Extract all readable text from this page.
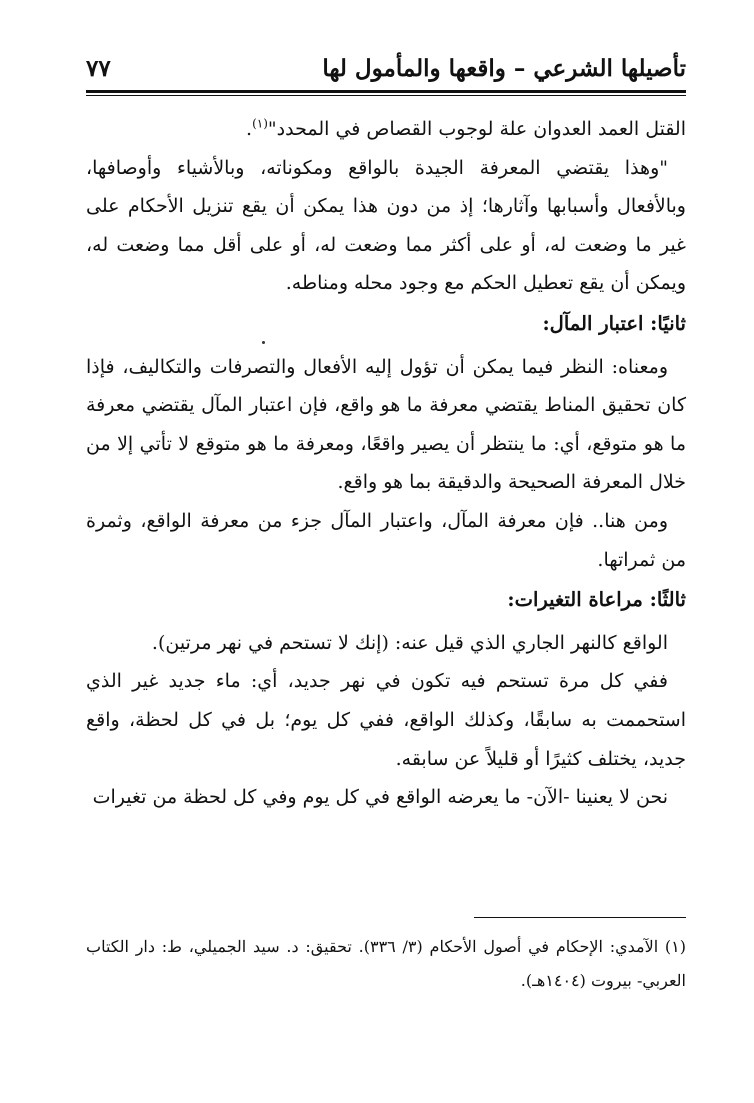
تأصيلها الشرعي – واقعها والمأمول لها
٧٧

القتل العمد العدوان علة لوجوب القصاص في المحدد"$^{(١)}$.

"وهذا يقتضي المعرفة الجيدة بالواقع ومكوناته، وبالأشياء وأوصافها، وبالأفعال وأسبابها وآثارها؛ إذ من دون هذا يمكن أن يقع تنزيل الأحكام على غير ما وضعت له، أو على أكثر مما وضعت له، أو على أقل مما وضعت له، ويمكن أن يقع تعطيل الحكم مع وجود محله ومناطه.

ثانيًا: اعتبار المآل:

ومعناه: النظر فيما يمكن أن تؤول إليه الأفعال والتصرفات والتكاليف، فإذا كان تحقيق المناط يقتضي معرفة ما هو واقع، فإن اعتبار المآل يقتضي معرفة ما هو متوقع، أي: ما ينتظر أن يصير واقعًا، ومعرفة ما هو متوقع لا تأتي إلا من خلال المعرفة الصحيحة والدقيقة بما هو واقع.

ومن هنا.. فإن معرفة المآل، واعتبار المآل جزء من معرفة الواقع، وثمرة من ثمراتها.

ثالثًا: مراعاة التغيرات:

الواقع كالنهر الجاري الذي قيل عنه: (إنك لا تستحم في نهر مرتين).

ففي كل مرة تستحم فيه تكون في نهر جديد، أي: ماء جديد غير الذي استحممت به سابقًا، وكذلك الواقع، ففي كل يوم؛ بل في كل لحظة، واقع جديد، يختلف كثيرًا أو قليلاً عن سابقه.

نحن لا يعنينا -الآن- ما يعرضه الواقع في كل يوم وفي كل لحظة من تغيرات

(١) الآمدي: الإحكام في أصول الأحكام (٣/ ٣٣٦). تحقيق: د. سيد الجميلي، ط: دار الكتاب العربي- بيروت (١٤٠٤هـ).
